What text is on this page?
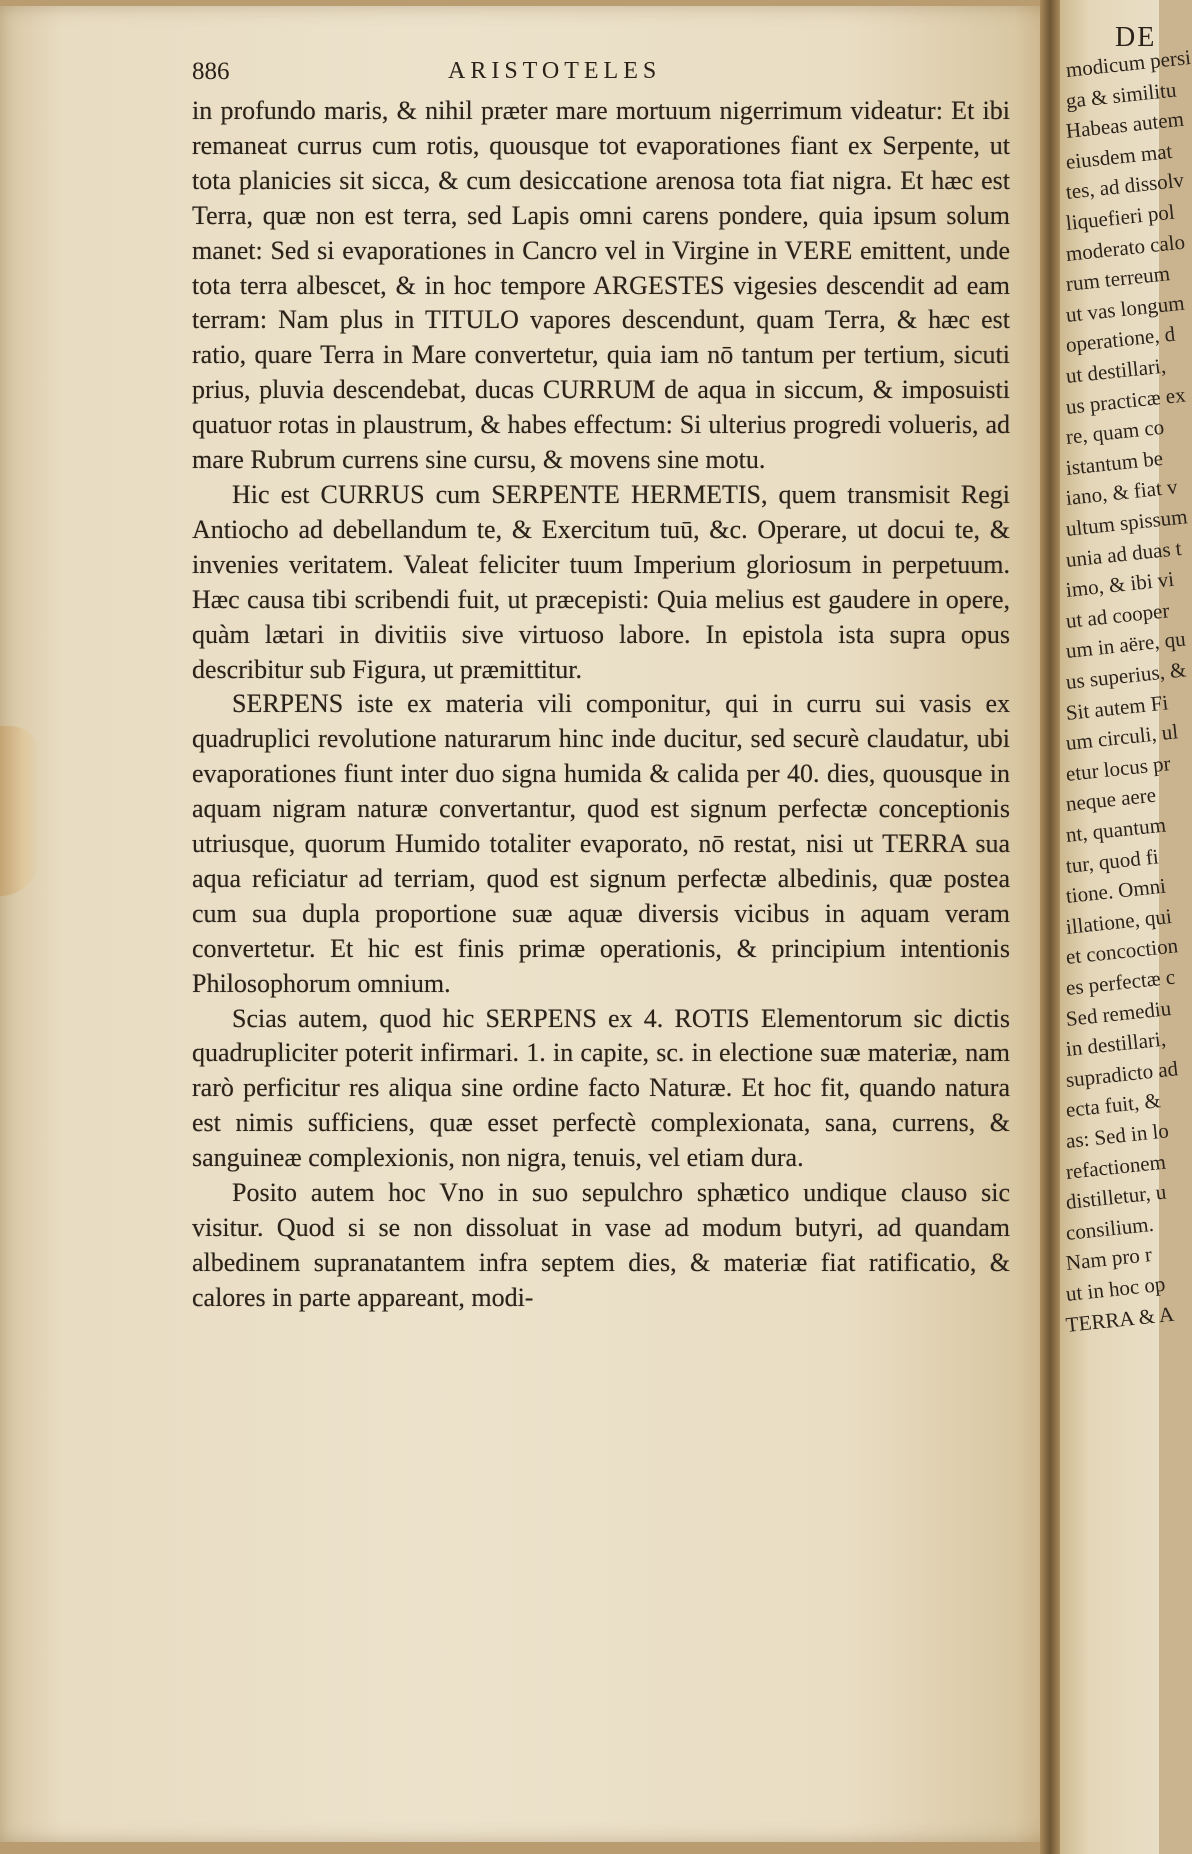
886	ARISTOTELES

in profundo maris, & nihil præter mare mortuum nigerrimum videatur: Et ibi remaneat currus cum rotis, quousque tot evaporationes fiant ex Serpente, ut tota planicies sit sicca, & cum desiccatione arenosa tota fiat nigra. Et hæc est Terra, quæ non est terra, sed Lapis omni carens pondere, quia ipsum solum manet: Sed si evaporationes in Cancro vel in Virgine in VERE emittent, unde tota terra albescet, & in hoc tempore ARGESTES vigesies descendit ad eam terram: Nam plus in TITULO vapores descendunt, quam Terra, & hæc est ratio, quare Terra in Mare convertetur, quia iam nō tantum per tertium, sicuti prius, pluvia descendebat, ducas CURRUM de aqua in siccum, & imposuisti quatuor rotas in plaustrum, & habes effectum: Si ulterius progredi volueris, ad mare Rubrum currens sine cursu, & movens sine motu.

Hic est CURRUS cum SERPENTE HERMETIS, quem transmisit Regi Antiocho ad debellandum te, & Exercitum tuū, &c. Operare, ut docui te, & invenies veritatem. Valeat feliciter tuum Imperium gloriosum in perpetuum. Hæc causa tibi scribendi fuit, ut præcepisti: Quia melius est gaudere in opere, quàm lætari in divitiis sive virtuoso labore. In epistola ista supra opus describitur sub Figura, ut præmittitur.

SERPENS iste ex materia vili componitur, qui in curru sui vasis ex quadruplici revolutione naturarum hinc inde ducitur, sed securè claudatur, ubi evaporationes fiunt inter duo signa humida & calida per 40. dies, quousque in aquam nigram naturæ convertantur, quod est signum perfectæ conceptionis utriusque, quorum Humido totaliter evaporato, nō restat, nisi ut TERRA sua aqua reficiatur ad terriam, quod est signum perfectæ albedinis, quæ postea cum sua dupla proportione suæ aquæ diversis vicibus in aquam veram convertetur. Et hic est finis primæ operationis, & principium intentionis Philosophorum omnium.

Scias autem, quod hic SERPENS ex 4. ROTIS Elementorum sic dictis quadrupliciter poterit infirmari. 1. in capite, sc. in electione suæ materiæ, nam rarò perficitur res aliqua sine ordine facto Naturæ. Et hoc fit, quando natura est nimis sufficiens, quæ esset perfectè complexionata, sana, currens, & sanguineæ complexionis, non nigra, tenuis, vel etiam dura.

Posito autem hoc Vno in suo sepulchro sphætico undique clauso sic visitur. Quod si se non dissoluat in vase ad modum butyri, ad quandam albedinem supranatantem infra septem dies, & materiæ fiat ratificatio, & calores in parte appareant, modi-

DE
modicum persi
ga & similitu
Habeas autem
eiusdem mat
tes, ad dissolv
liquefieri pol
moderato calo
rum terreum
ut vas longum
operatione, d
ut destillari,
us practicæ ex
re, quam co
istantum be
iano, & fiat v
ultum spissum
unia ad duas t
imo, & ibi vi
ut ad cooper
um in aëre, qu
us superius, &
Sit autem Fi
um circuli, ul
etur locus pr
neque aere
nt, quantum
tur, quod fi
tione. Omni
illatione, qui
et concoction
es perfectæ c
Sed remediu
in destillari,
supradicto ad
ecta fuit, &
as: Sed in lo
refactionem
distilletur, u
consilium.
Nam pro r
ut in hoc op
TERRA & A
